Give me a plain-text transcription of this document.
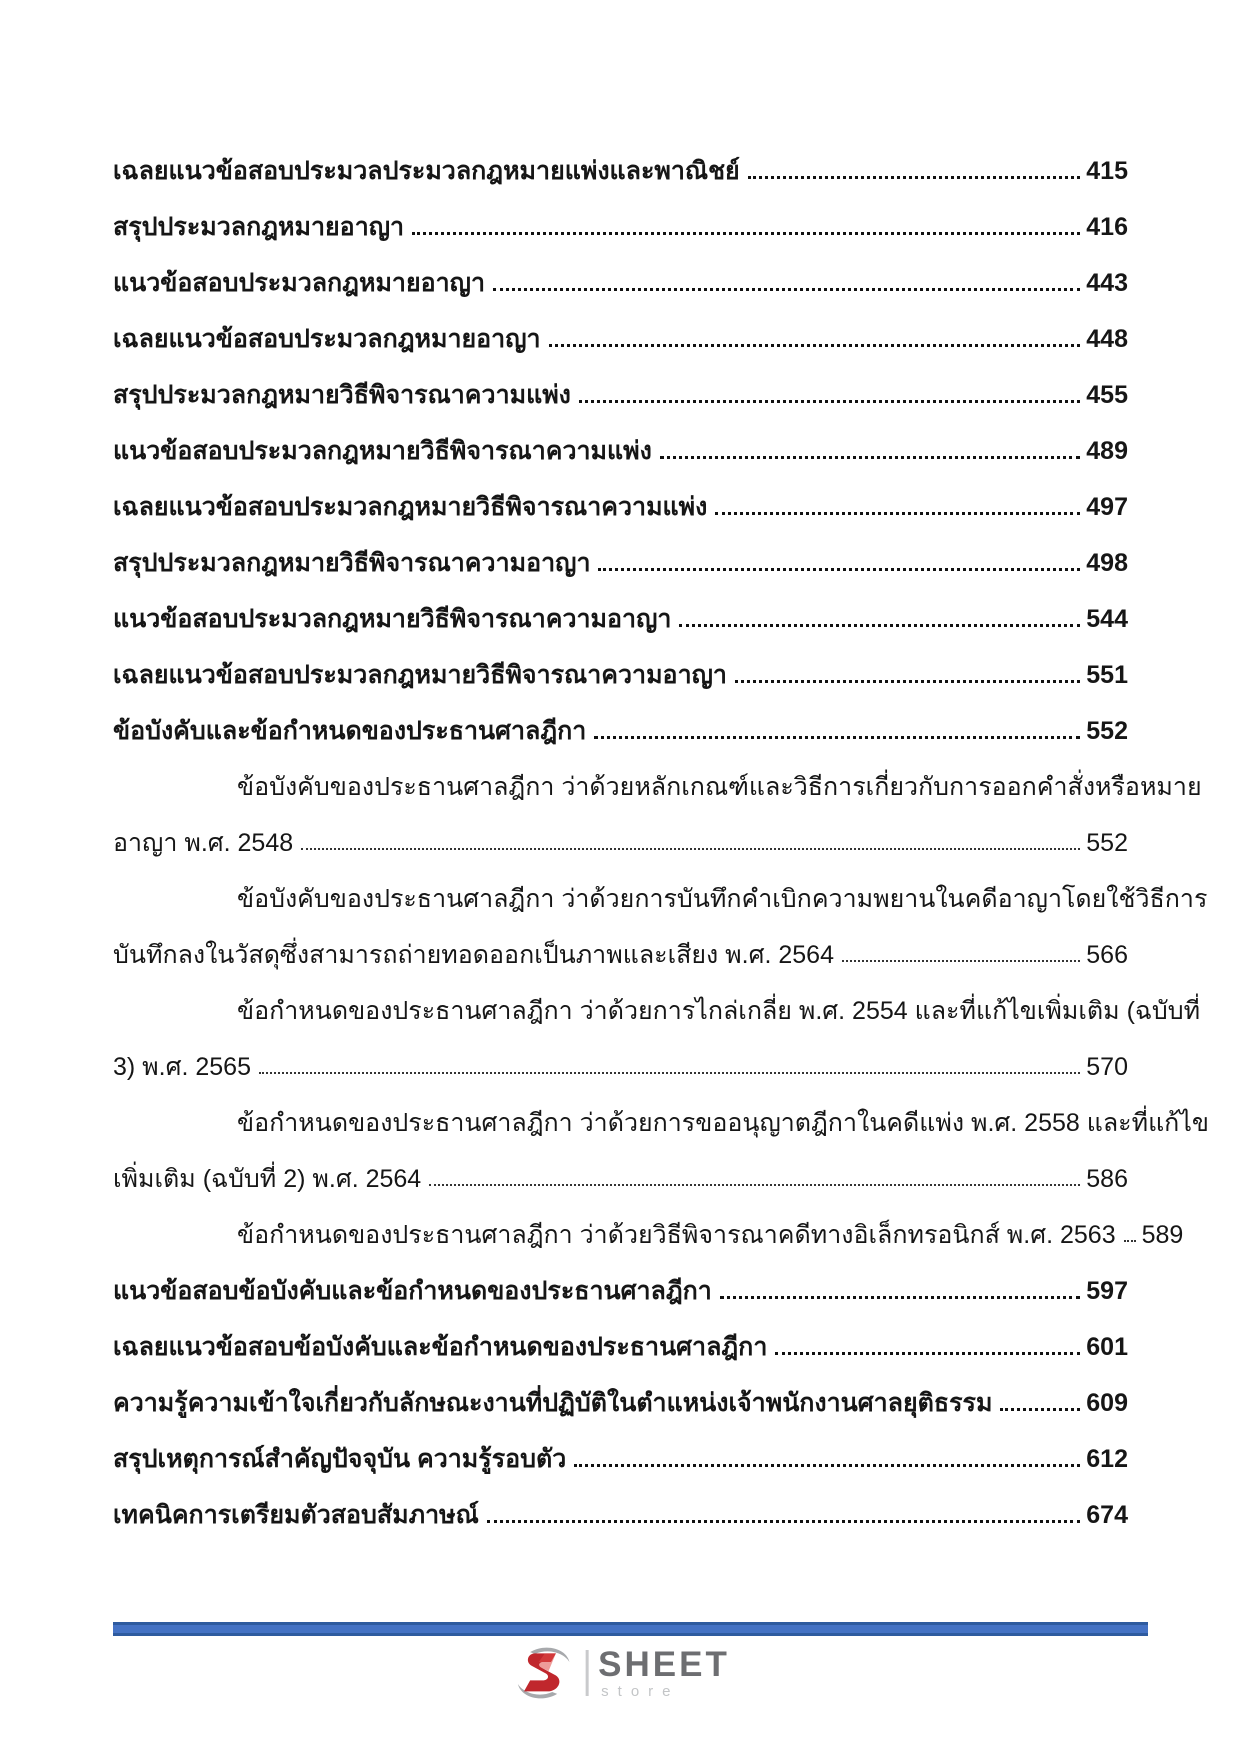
เฉลยแนวข้อสอบประมวลประมวลกฎหมายแพ่งและพาณิชย์	415
สรุปประมวลกฎหมายอาญา	416
แนวข้อสอบประมวลกฎหมายอาญา	443
เฉลยแนวข้อสอบประมวลกฎหมายอาญา	448
สรุปประมวลกฎหมายวิธีพิจารณาความแพ่ง	455
แนวข้อสอบประมวลกฎหมายวิธีพิจารณาความแพ่ง	489
เฉลยแนวข้อสอบประมวลกฎหมายวิธีพิจารณาความแพ่ง	497
สรุปประมวลกฎหมายวิธีพิจารณาความอาญา	498
แนวข้อสอบประมวลกฎหมายวิธีพิจารณาความอาญา	544
เฉลยแนวข้อสอบประมวลกฎหมายวิธีพิจารณาความอาญา	551
ข้อบังคับและข้อกำหนดของประธานศาลฎีกา	552
ข้อบังคับของประธานศาลฎีกา ว่าด้วยหลักเกณฑ์และวิธีการเกี่ยวกับการออกคำสั่งหรือหมาย
อาญา พ.ศ. 2548	552
ข้อบังคับของประธานศาลฎีกา ว่าด้วยการบันทึกคำเบิกความพยานในคดีอาญาโดยใช้วิธีการ
บันทึกลงในวัสดุซึ่งสามารถถ่ายทอดออกเป็นภาพและเสียง พ.ศ. 2564	566
ข้อกำหนดของประธานศาลฎีกา ว่าด้วยการไกล่เกลี่ย พ.ศ. 2554 และที่แก้ไขเพิ่มเติม (ฉบับที่
3) พ.ศ. 2565	570
ข้อกำหนดของประธานศาลฎีกา ว่าด้วยการขออนุญาตฎีกาในคดีแพ่ง พ.ศ. 2558 และที่แก้ไข
เพิ่มเติม (ฉบับที่ 2) พ.ศ. 2564	586
ข้อกำหนดของประธานศาลฎีกา ว่าด้วยวิธีพิจารณาคดีทางอิเล็กทรอนิกส์ พ.ศ. 2563 589
แนวข้อสอบข้อบังคับและข้อกำหนดของประธานศาลฎีกา	597
เฉลยแนวข้อสอบข้อบังคับและข้อกำหนดของประธานศาลฎีกา	601
ความรู้ความเข้าใจเกี่ยวกับลักษณะงานที่ปฏิบัติในตำแหน่งเจ้าพนักงานศาลยุติธรรม	609
สรุปเหตุการณ์สำคัญปัจจุบัน ความรู้รอบตัว	612
เทคนิคการเตรียมตัวสอบสัมภาษณ์	674
SHEET
store
